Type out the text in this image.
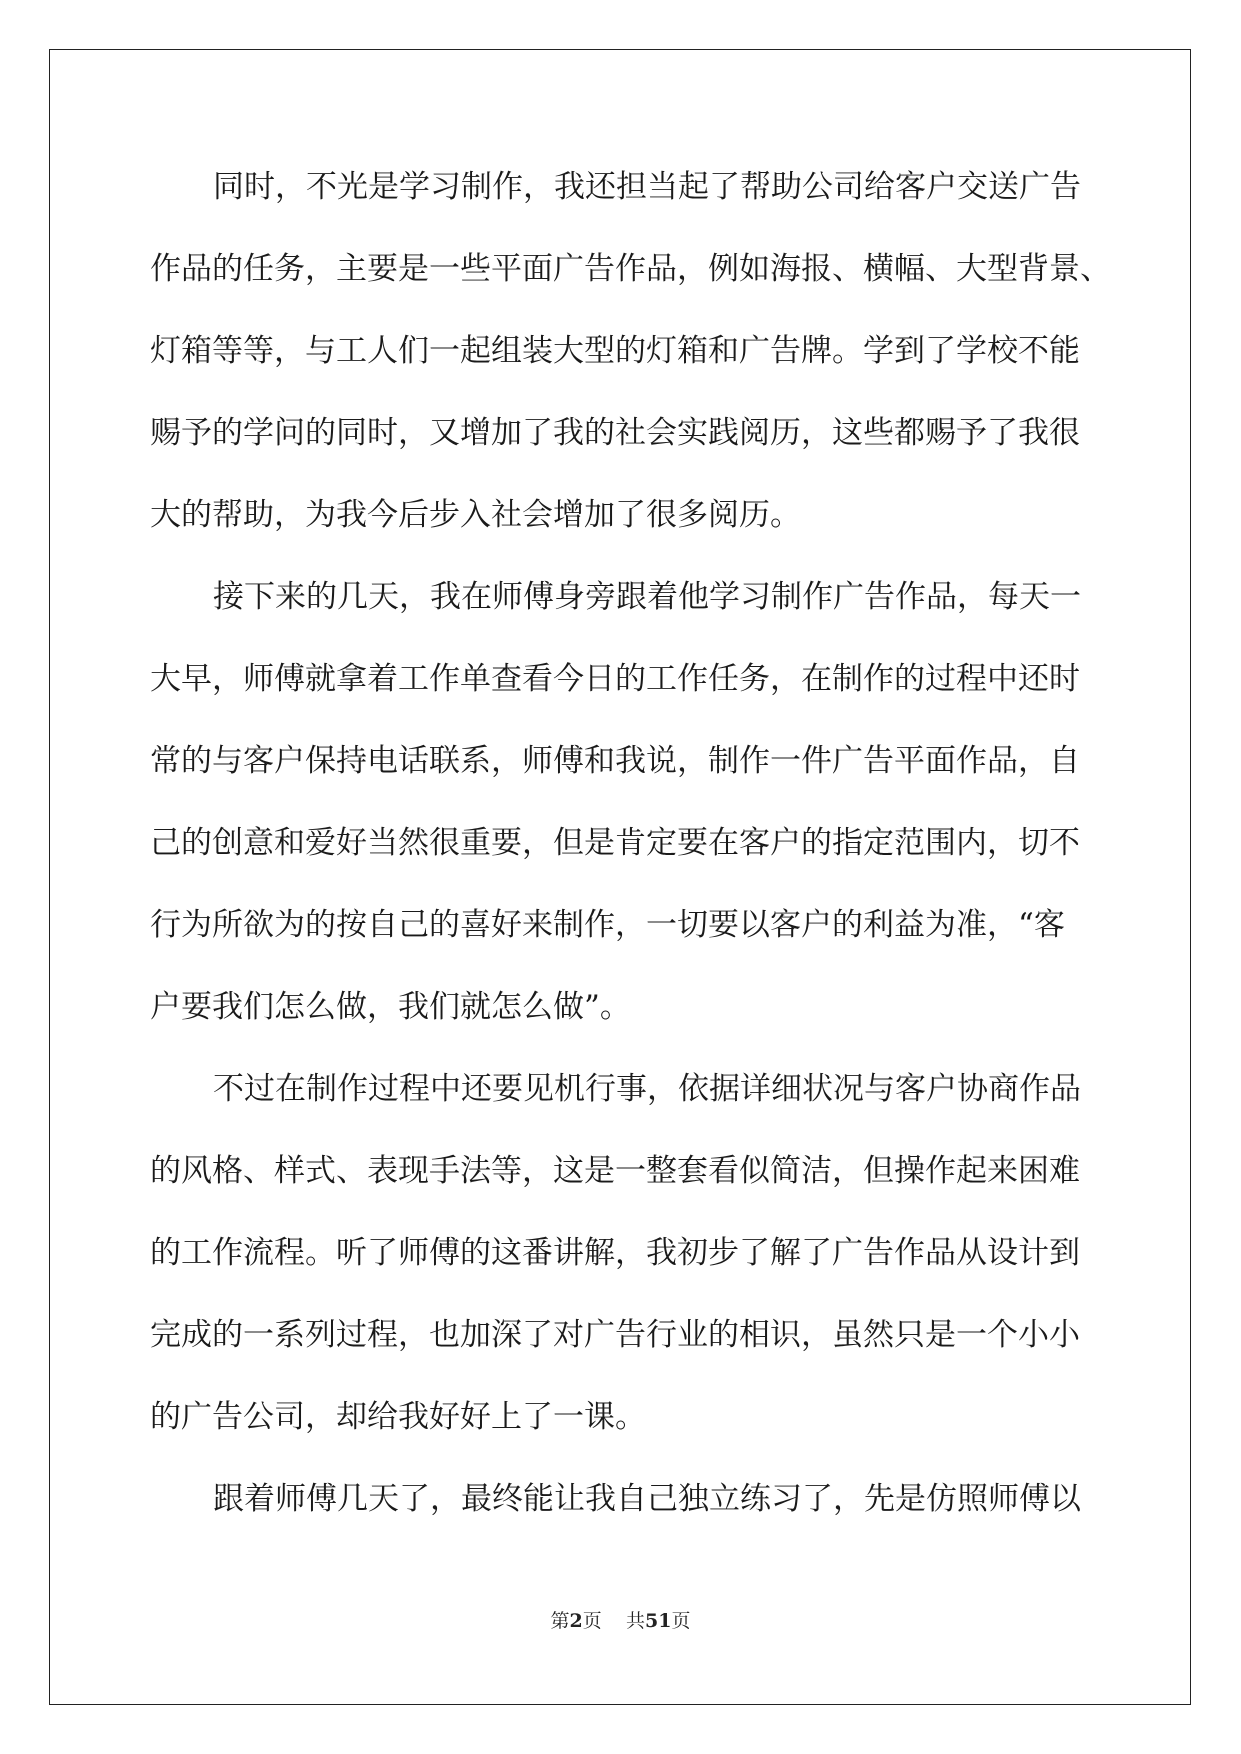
同时，不光是学习制作，我还担当起了帮助公司给客户交送广告
作品的任务，主要是一些平面广告作品，例如海报、横幅、大型背景、
灯箱等等，与工人们一起组装大型的灯箱和广告牌。学到了学校不能
赐予的学问的同时，又增加了我的社会实践阅历，这些都赐予了我很
大的帮助，为我今后步入社会增加了很多阅历。
接下来的几天，我在师傅身旁跟着他学习制作广告作品，每天一
大早，师傅就拿着工作单查看今日的工作任务，在制作的过程中还时
常的与客户保持电话联系，师傅和我说，制作一件广告平面作品，自
己的创意和爱好当然很重要，但是肯定要在客户的指定范围内，切不
行为所欲为的按自己的喜好来制作，一切要以客户的利益为准，“客
户要我们怎么做，我们就怎么做”。
不过在制作过程中还要见机行事，依据详细状况与客户协商作品
的风格、样式、表现手法等，这是一整套看似简洁，但操作起来困难
的工作流程。听了师傅的这番讲解，我初步了解了广告作品从设计到
完成的一系列过程，也加深了对广告行业的相识，虽然只是一个小小
的广告公司，却给我好好上了一课。
跟着师傅几天了，最终能让我自己独立练习了，先是仿照师傅以
第2页 共51页
